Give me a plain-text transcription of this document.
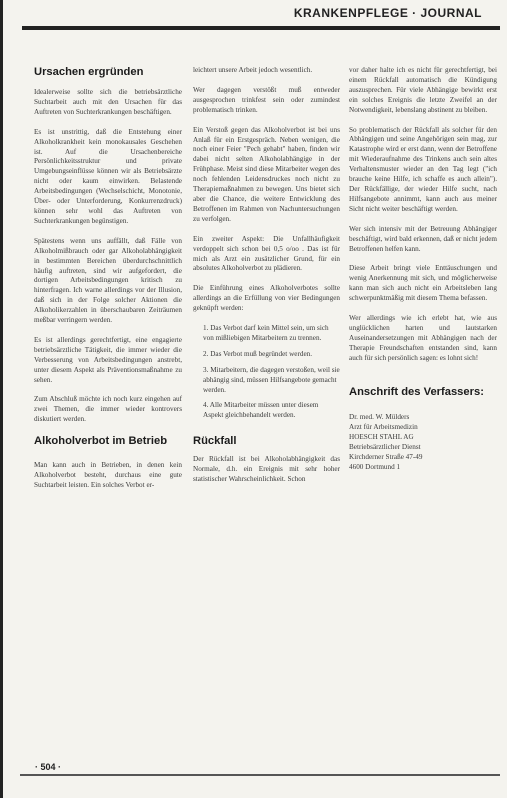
KRANKENPFLEGE · JOURNAL
Ursachen ergründen

Idealerweise sollte sich die betriebsärztliche Suchtarbeit auch mit den Ursachen für das Auftreten von Suchterkrankungen beschäftigen.

Es ist unstrittig, daß die Entstehung einer Alkoholkrankheit kein monokausales Geschehen ist. Auf die Ursachenbereiche Persönlichkeitsstruktur und private Umgebungseinflüsse können wir als Betriebsärzte nicht oder kaum einwirken. Belastende Arbeitsbedingungen (Wechselschicht, Monotonie, Über- oder Unterforderung, Konkurrenzdruck) können sehr wohl das Auftreten von Suchterkrankungen begünstigen.

Spätestens wenn uns auffällt, daß Fälle von Alkoholmißbrauch oder gar Alkoholabhängigkeit in bestimmten Bereichen überdurchschnittlich häufig auftreten, sind wir aufgefordert, die dortigen Arbeitsbedingungen kritisch zu hinterfragen. Ich warne allerdings vor der Illusion, daß sich in der Folge solcher Aktionen die Alkoholikerzahlen in überschaubaren Zeiträumen meßbar verringern werden.

Es ist allerdings gerechtfertigt, eine engagierte betriebsärztliche Tätigkeit, die immer wieder die Verbesserung von Arbeitsbedingungen anstrebt, unter diesem Aspekt als Präventionsmaßnahme zu sehen.

Zum Abschluß möchte ich noch kurz eingehen auf zwei Themen, die immer wieder kontrovers diskutiert werden.

Alkoholverbot im Betrieb

Man kann auch in Betrieben, in denen kein Alkoholverbot besteht, durchaus eine gute Suchtarbeit leisten. Ein solches Verbot er-

leichtert unsere Arbeit jedoch wesentlich.

Wer dagegen verstößt muß entweder ausgesprochen trinkfest sein oder zumindest problematisch trinken.

Ein Verstoß gegen das Alkoholverbot ist bei uns Anlaß für ein Erstgespräch. Neben wenigen, die noch einer Feier "Pech gehabt" haben, finden wir dabei nicht selten Alkoholabhängige in der Frühphase. Meist sind diese Mitarbeiter wegen des noch fehlenden Leidensdruckes noch nicht zu Therapiemaßnahmen zu bewegen. Uns bietet sich aber die Chance, die weitere Entwicklung des Betroffenen im Rahmen von Nachuntersuchungen zu verfolgen.

Ein zweiter Aspekt: Die Unfallhäufigkeit verdoppelt sich schon bei 0,5 o/oo . Das ist für mich als Arzt ein zusätzlicher Grund, für ein absolutes Alkoholverbot zu plädieren.

Die Einführung eines Alkoholverbotes sollte allerdings an die Erfüllung von vier Bedingungen geknüpft werden:

1. Das Verbot darf kein Mittel sein, um sich von mißliebigen Mitarbeitern zu trennen.
2. Das Verbot muß begründet werden.
3. Mitarbeitern, die dagegen verstoßen, weil sie abhängig sind, müssen Hilfsangebote gemacht werden.
4. Alle Mitarbeiter müssen unter diesem Aspekt gleichbehandelt werden.
Rückfall

Der Rückfall ist bei Alkoholabhängigkeit das Normale, d.h. ein Ereignis mit sehr hoher statistischer Wahrscheinlichkeit. Schon

vor daher halte ich es nicht für gerechtfertigt, bei einem Rückfall automatisch die Kündigung auszusprechen. Für viele Abhängige bewirkt erst ein solches Ereignis die letzte Zweifel an der Notwendigkeit, lebenslang abstinent zu bleiben.

So problematisch der Rückfall als solcher für den Abhängigen und seine Angehörigen sein mag, zur Katastrophe wird er erst dann, wenn der Betroffene mit Wiederaufnahme des Trinkens auch sein altes Verhaltensmuster wieder an den Tag legt ("ich brauche keine Hilfe, ich schaffe es auch allein"). Der Rückfällige, der wieder Hilfe sucht, nach Hilfsangebote annimmt, kann auch aus meiner Sicht nicht weiter beschäftigt werden.

Wer sich intensiv mit der Betreuung Abhängiger beschäftigt, wird bald erkennen, daß er nicht jedem Betroffenen helfen kann.

Diese Arbeit bringt viele Enttäuschungen und wenig Anerkennung mit sich, und möglicherweise kann man sich auch nicht ein Arbeitsleben lang schwerpunktmäßig mit diesem Thema befassen.

Wer allerdings wie ich erlebt hat, wie aus unglücklichen harten und lautstarken Auseinandersetzungen mit Abhängigen nach der Therapie Freundschaften entstanden sind, kann auch für sich persönlich sagen: es lohnt sich!

Anschrift des Verfassers:
Dr. med. W. Mülders
Arzt für Arbeitsmedizin
HOESCH STAHL AG
Betriebsärztlicher Dienst
Kirchderner Straße 47-49
4600 Dortmund 1
· 504 ·
